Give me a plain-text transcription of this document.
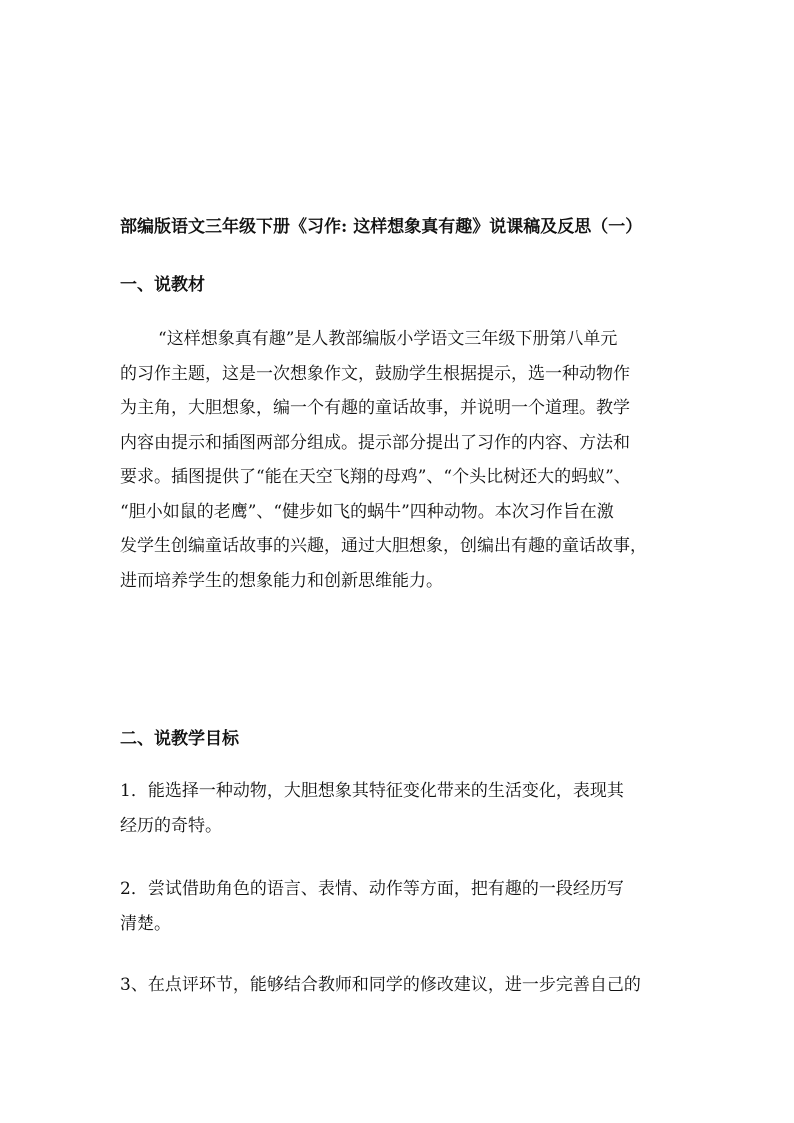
部编版语文三年级下册《习作: 这样想象真有趣》说课稿及反思（一）
一、说教材

“这样想象真有趣”是人教部编版小学语文三年级下册第八单元
的习作主题，这是一次想象作文，鼓励学生根据提示，选一种动物作
为主角，大胆想象，编一个有趣的童话故事，并说明一个道理。教学
内容由提示和插图两部分组成。提示部分提出了习作的内容、方法和
要求。插图提供了“能在天空飞翔的母鸡”、“个头比树还大的蚂蚁”、
“胆小如鼠的老鹰”、“健步如飞的蜗牛”四种动物。本次习作旨在激
发学生创编童话故事的兴趣，通过大胆想象，创编出有趣的童话故事，
进而培养学生的想象能力和创新思维能力。

二、说教学目标

1．能选择一种动物，大胆想象其特征变化带来的生活变化，表现其
经历的奇特。

2．尝试借助角色的语言、表情、动作等方面，把有趣的一段经历写
清楚。

3、在点评环节，能够结合教师和同学的修改建议，进一步完善自己的
